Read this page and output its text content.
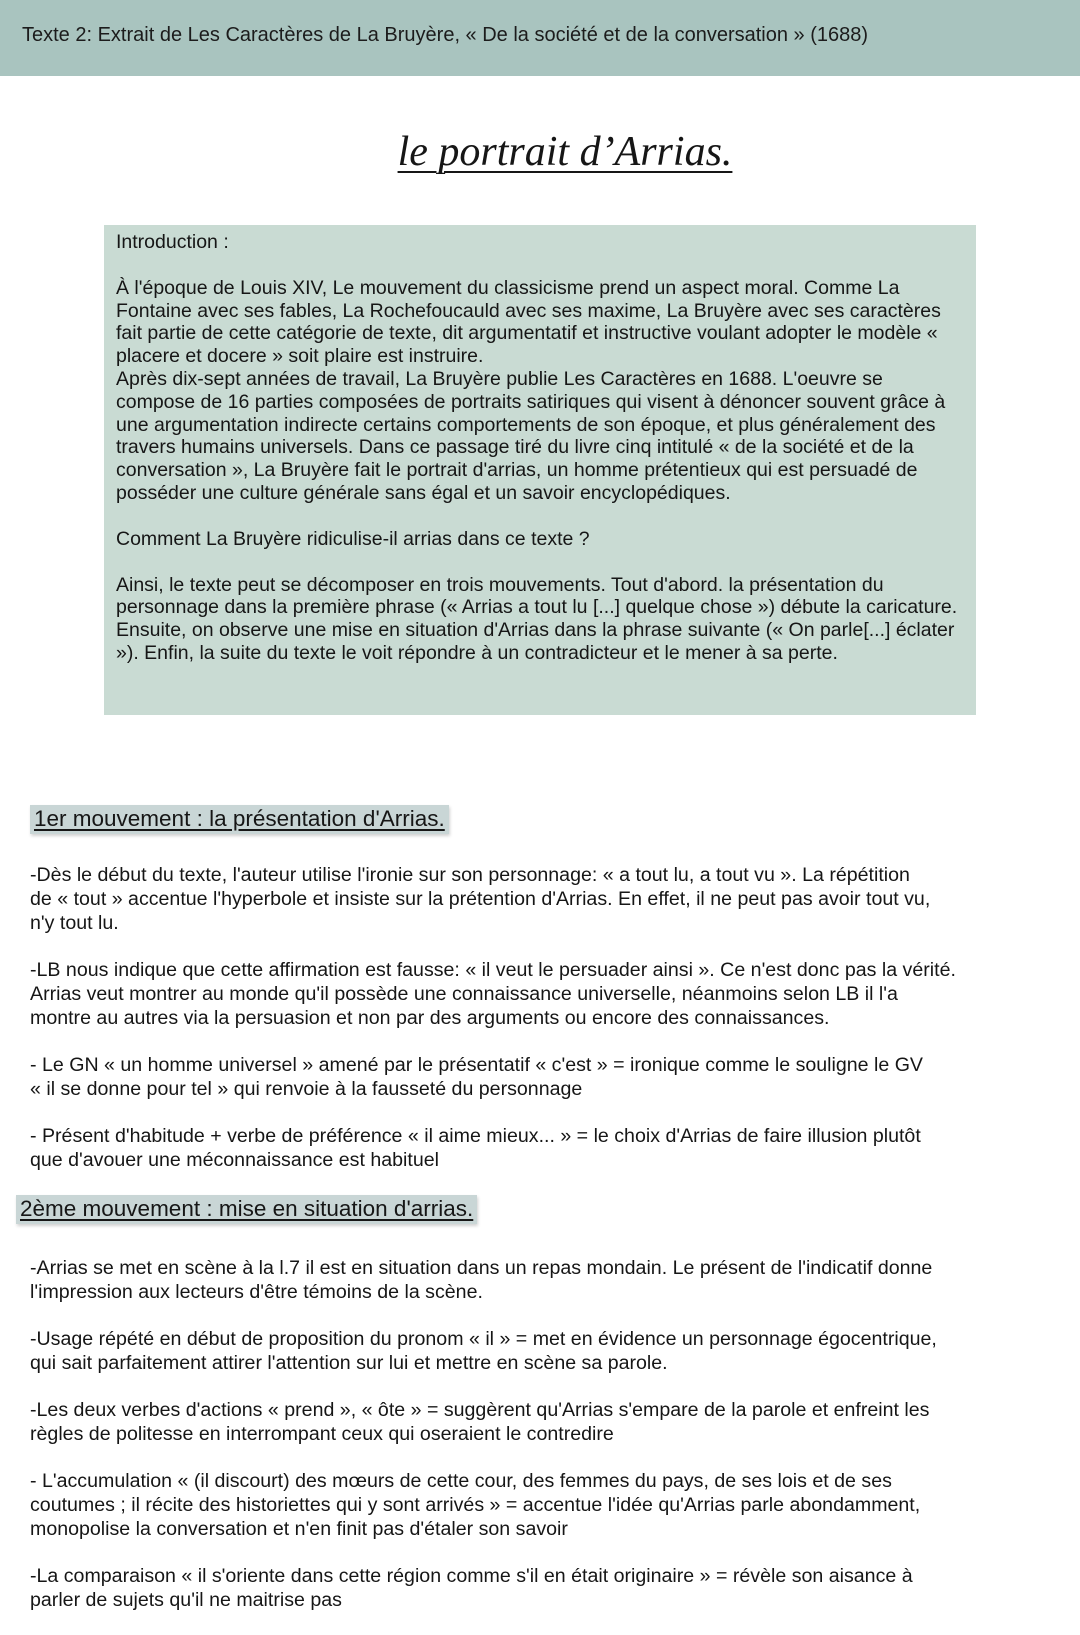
Texte 2: Extrait de Les Caractères de La Bruyère, « De la société et de la conversation » (1688)
le portrait d’Arrias.

Introduction :

À l'époque de Louis XIV, Le mouvement du classicisme prend un aspect moral. Comme La Fontaine avec ses fables, La Rochefoucauld avec ses maxime, La Bruyère avec ses caractères fait partie de cette catégorie de texte, dit argumentatif et instructive voulant adopter le modèle « placere et docere » soit plaire est instruire.

Après dix-sept années de travail, La Bruyère publie Les Caractères en 1688. L'oeuvre se compose de 16 parties composées de portraits satiriques qui visent à dénoncer souvent grâce à une argumentation indirecte certains comportements de son époque, et plus généralement des travers humains universels. Dans ce passage tiré du livre cinq intitulé « de la société et de la conversation », La Bruyère fait le portrait d'arrias, un homme prétentieux qui est persuadé de posséder une culture générale sans égal et un savoir encyclopédiques.

Comment La Bruyère ridiculise-il arrias dans ce texte ?

Ainsi, le texte peut se décomposer en trois mouvements. Tout d'abord. la présentation du personnage dans la première phrase (« Arrias a tout lu [...] quelque chose ») débute la caricature. Ensuite, on observe une mise en situation d'Arrias dans la phrase suivante (« On parle[...] éclater »). Enfin, la suite du texte le voit répondre à un contradicteur et le mener à sa perte.

1er mouvement : la présentation d'Arrias.

-Dès le début du texte, l'auteur utilise l'ironie sur son personnage: « a tout lu, a tout vu ». La répétition
de « tout » accentue l'hyperbole et insiste sur la prétention d'Arrias. En effet, il ne peut pas avoir tout vu,
n'y tout lu.

-LB nous indique que cette affirmation est fausse: « il veut le persuader ainsi ». Ce n'est donc pas la vérité.
Arrias veut montrer au monde qu'il possède une connaissance universelle, néanmoins selon LB il l'a
montre au autres via la persuasion et non par des arguments ou encore des connaissances.

- Le GN « un homme universel » amené par le présentatif « c'est » = ironique comme le souligne le GV
« il se donne pour tel » qui renvoie à la fausseté du personnage

- Présent d'habitude + verbe de préférence « il aime mieux... » = le choix d'Arrias de faire illusion plutôt
que d'avouer une méconnaissance est habituel

2ème mouvement : mise en situation d'arrias.

-Arrias se met en scène à la l.7 il est en situation dans un repas mondain. Le présent de l'indicatif donne
l'impression aux lecteurs d'être témoins de la scène.

-Usage répété en début de proposition du pronom « il » = met en évidence un personnage égocentrique,
qui sait parfaitement attirer l'attention sur lui et mettre en scène sa parole.

-Les deux verbes d'actions « prend », « ôte » = suggèrent qu'Arrias s'empare de la parole et enfreint les
règles de politesse en interrompant ceux qui oseraient le contredire

- L'accumulation « (il discourt) des mœurs de cette cour, des femmes du pays, de ses lois et de ses
coutumes ; il récite des historiettes qui y sont arrivés » = accentue l'idée qu'Arrias parle abondamment,
monopolise la conversation et n'en finit pas d'étaler son savoir

-La comparaison « il s'oriente dans cette région comme s'il en était originaire » = révèle son aisance à
parler de sujets qu'il ne maitrise pas
